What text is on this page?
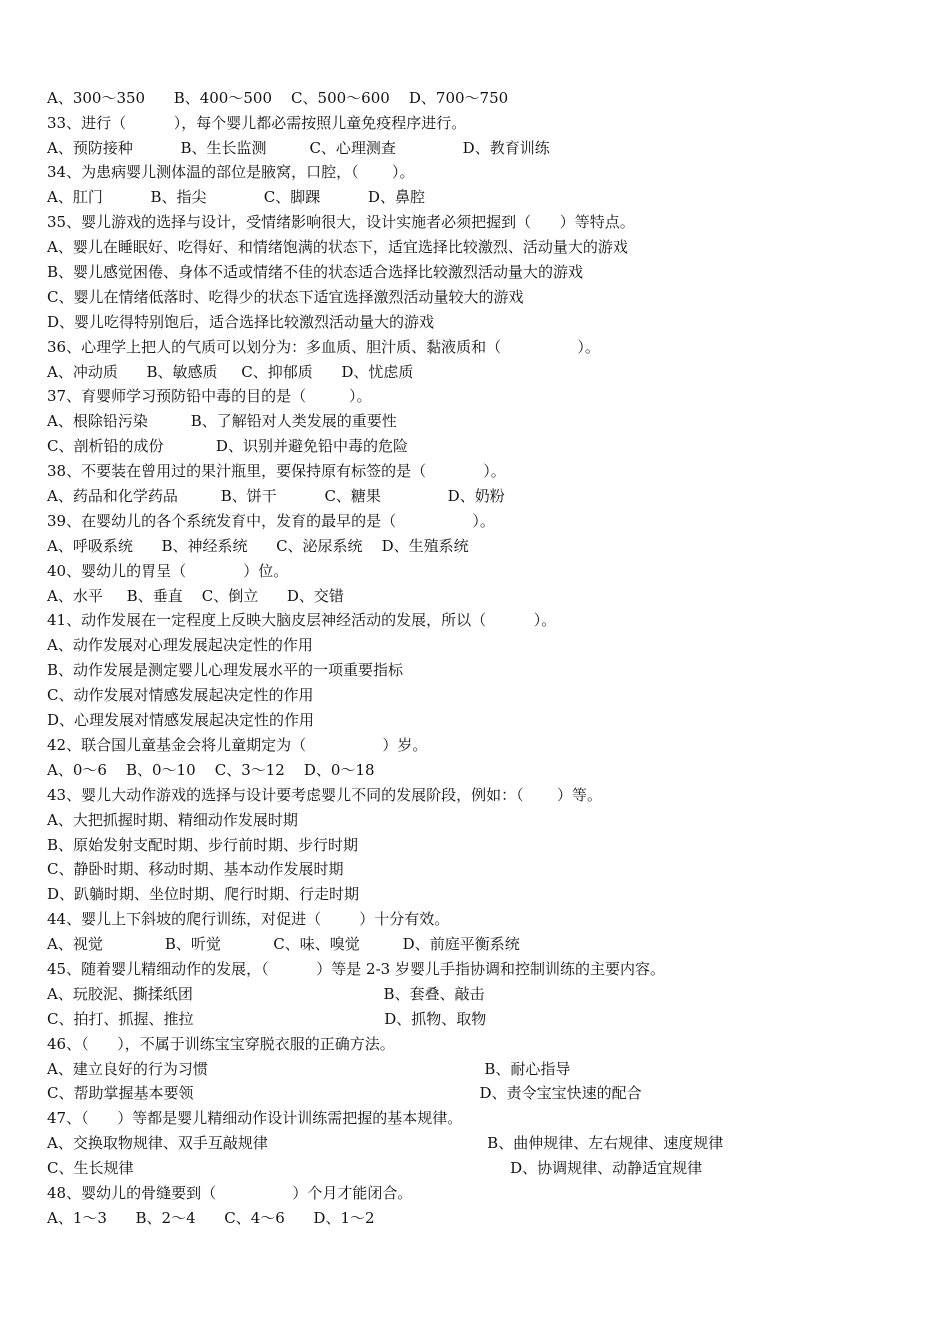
A、300～350      B、400～500    C、500～600    D、700～750
33、进行（          ），每个婴儿都必需按照儿童免疫程序进行。
A、预防接种          B、生长监测         C、心理测查              D、教育训练
34、为患病婴儿测体温的部位是腋窝，口腔，（       ）。
A、肛门          B、指尖            C、脚踝          D、鼻腔
35、婴儿游戏的选择与设计，受情绪影响很大，设计实施者必须把握到（      ）等特点。
A、婴儿在睡眠好、吃得好、和情绪饱满的状态下，适宜选择比较激烈、活动量大的游戏
B、婴儿感觉困倦、身体不适或情绪不佳的状态适合选择比较激烈活动量大的游戏
C、婴儿在情绪低落时、吃得少的状态下适宜选择激烈活动量较大的游戏
D、婴儿吃得特别饱后，适合选择比较激烈活动量大的游戏
36、心理学上把人的气质可以划分为：多血质、胆汁质、黏液质和（                ）。
A、冲动质      B、敏感质     C、抑郁质      D、忧虑质
37、育婴师学习预防铅中毒的目的是（         ）。
A、根除铅污染         B、了解铅对人类发展的重要性
C、剖析铅的成份           D、识别并避免铅中毒的危险
38、不要装在曾用过的果汁瓶里，要保持原有标签的是（            ）。
A、药品和化学药品         B、饼干          C、糖果              D、奶粉
39、在婴幼儿的各个系统发育中，发育的最早的是（                ）。
A、呼吸系统      B、神经系统      C、泌尿系统    D、生殖系统
40、婴幼儿的胃呈（            ）位。
A、水平     B、垂直    C、倒立      D、交错
41、动作发展在一定程度上反映大脑皮层神经活动的发展，所以（          ）。
A、动作发展对心理发展起决定性的作用
B、动作发展是测定婴儿心理发展水平的一项重要指标
C、动作发展对情感发展起决定性的作用
D、心理发展对情感发展起决定性的作用
42、联合国儿童基金会将儿童期定为（                ）岁。
A、0～6    B、0～10    C、3～12    D、0～18
43、婴儿大动作游戏的选择与设计要考虑婴儿不同的发展阶段，例如：（       ）等。
A、大把抓握时期、精细动作发展时期
B、原始发射支配时期、步行前时期、步行时期
C、静卧时期、移动时期、基本动作发展时期
D、趴躺时期、坐位时期、爬行时期、行走时期
44、婴儿上下斜坡的爬行训练，对促进（        ）十分有效。
A、视觉             B、听觉           C、味、嗅觉         D、前庭平衡系统
45、随着婴儿精细动作的发展，（          ）等是 2-3 岁婴儿手指协调和控制训练的主要内容。
A、玩胶泥、撕揉纸团                                        B、套叠、敲击
C、拍打、抓握、推拉                                        D、抓物、取物
46、（      ），不属于训练宝宝穿脱衣服的正确方法。
A、建立良好的行为习惯                                                          B、耐心指导
C、帮助掌握基本要领                                                            D、责令宝宝快速的配合
47、（      ）等都是婴儿精细动作设计训练需把握的基本规律。
A、交换取物规律、双手互敲规律                                              B、曲伸规律、左右规律、速度规律
C、生长规律                                                                               D、协调规律、动静适宜规律
48、婴幼儿的骨缝要到（                ）个月才能闭合。
A、1～3      B、2～4      C、4～6      D、1～2
